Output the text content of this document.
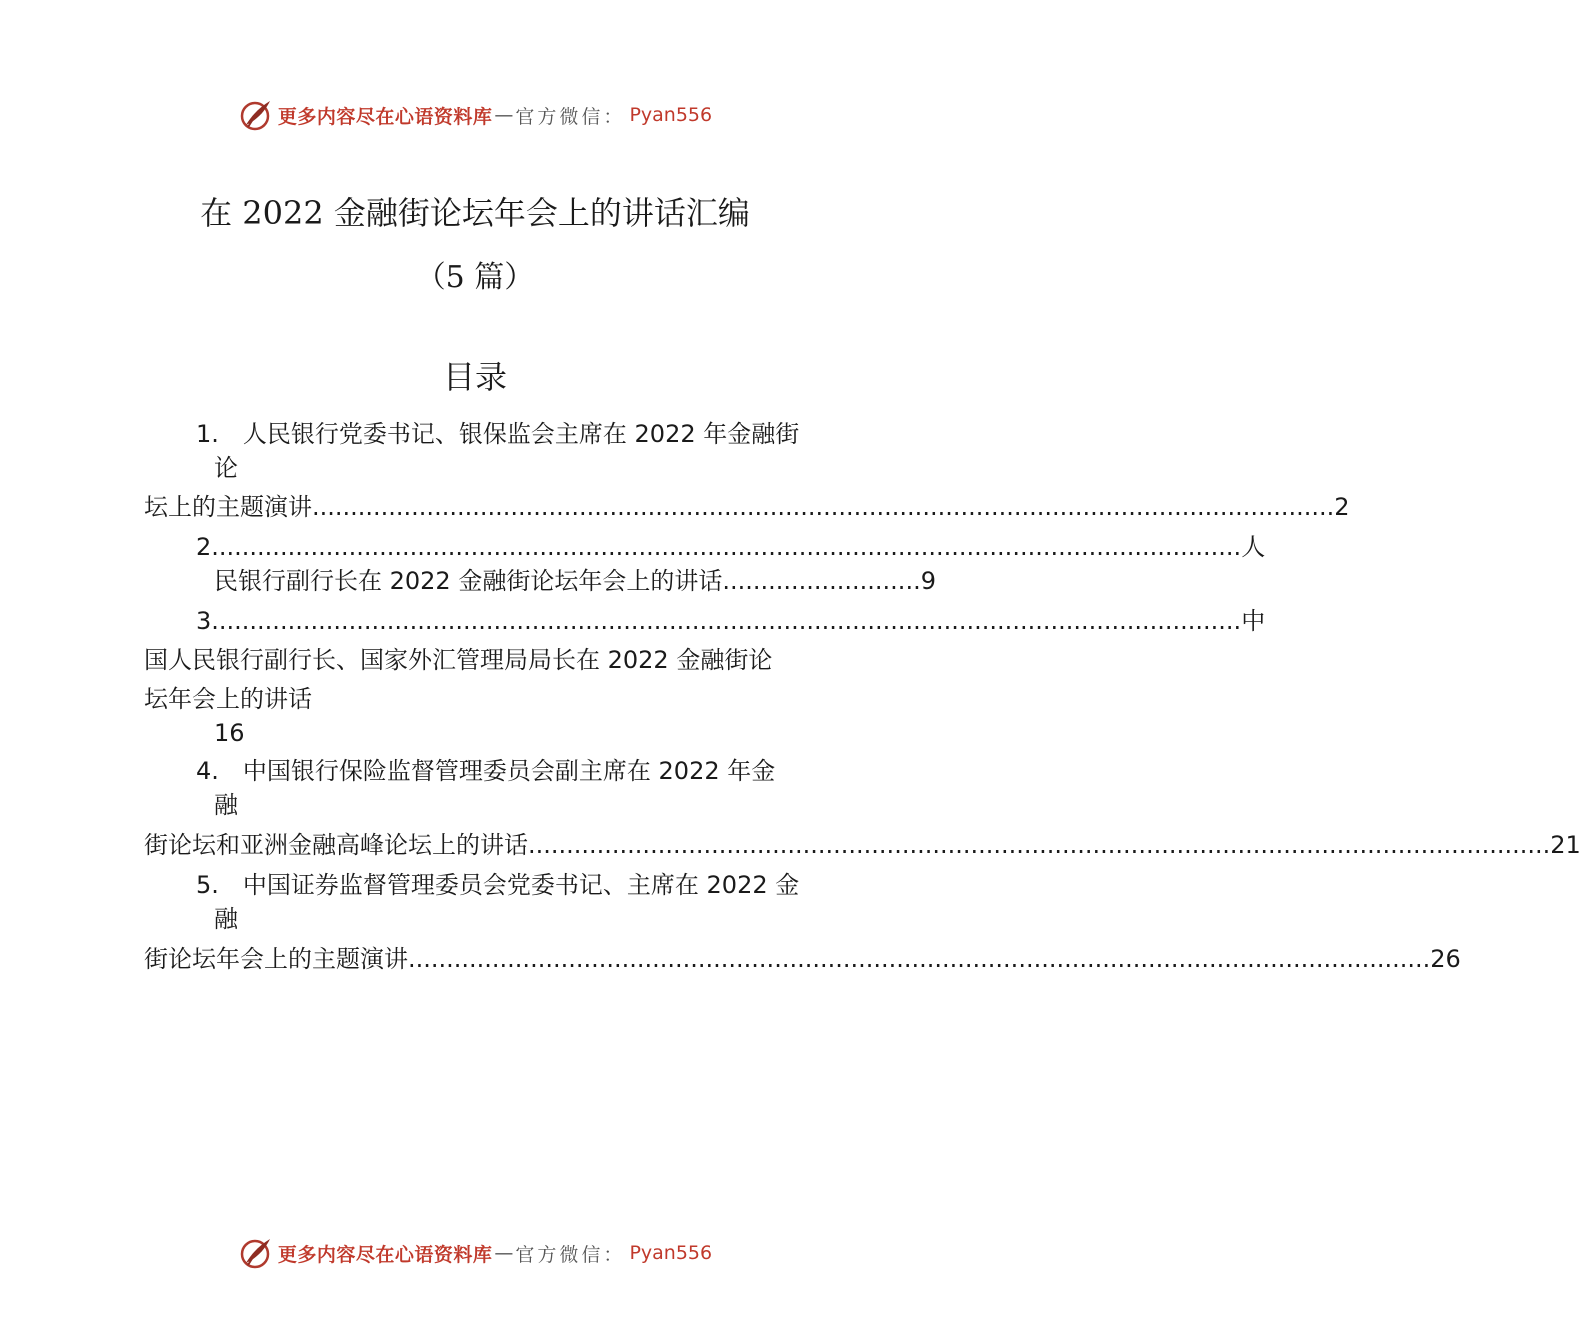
更多内容尽在心语资料库 — 官方微信： Pyan556
在 2022 金融街论坛年会上的讲话汇编
（5 篇）
目录
1.　人民银行党委书记、银保监会主席在 2022 年金融街
论
坛上的主题演讲 ...................................................................................................................................... 2
2. ...................................................................................................................................... 人
民银行副行长在 2022 金融街论坛年会上的讲话 .......................... 9
3. ...................................................................................................................................... 中
国人民银行副行长、国家外汇管理局局长在 2022 金融街论
坛年会上的讲话
16
4.　中国银行保险监督管理委员会副主席在 2022 年金
融
街论坛和亚洲金融高峰论坛上的讲话 ...................................................................................................................................... 21
5.　中国证券监督管理委员会党委书记、主席在 2022 金
融
街论坛年会上的主题演讲 ...................................................................................................................................... 26
更多内容尽在心语资料库 — 官方微信： Pyan556
